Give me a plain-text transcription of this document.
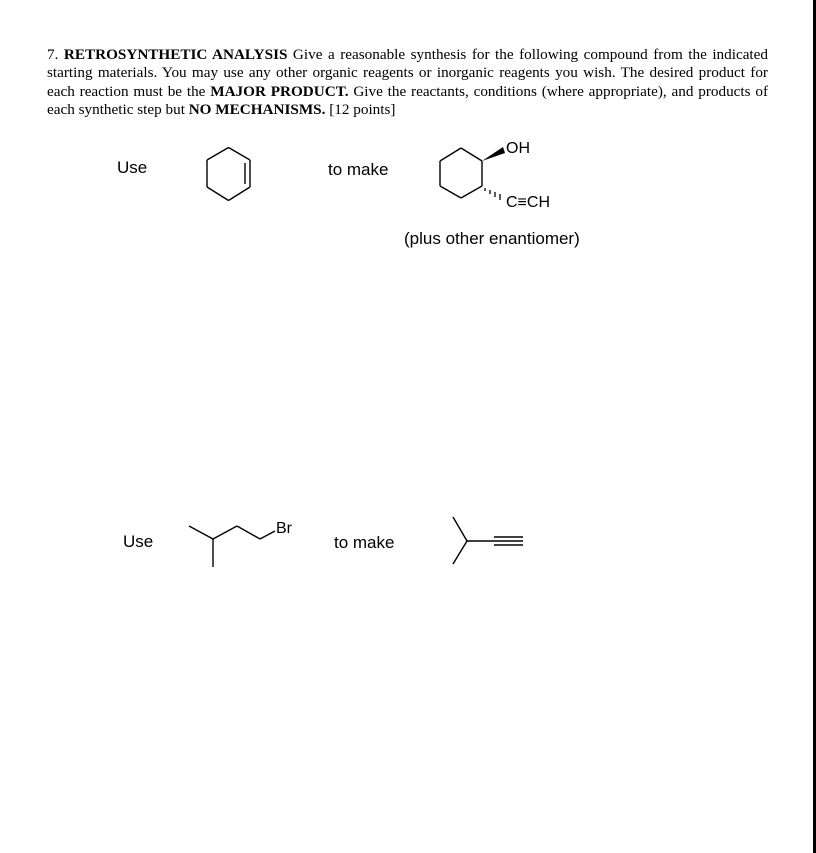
7. RETROSYNTHETIC ANALYSIS Give a reasonable synthesis for the following compound from the indicated starting materials. You may use any other organic reagents or inorganic reagents you wish. The desired product for each reaction must be the MAJOR PRODUCT. Give the reactants, conditions (where appropriate), and products of each synthetic step but NO MECHANISMS. [12 points]
Use	to make
OH
C≡CH
(plus other enantiomer)
Use
Br
to make
